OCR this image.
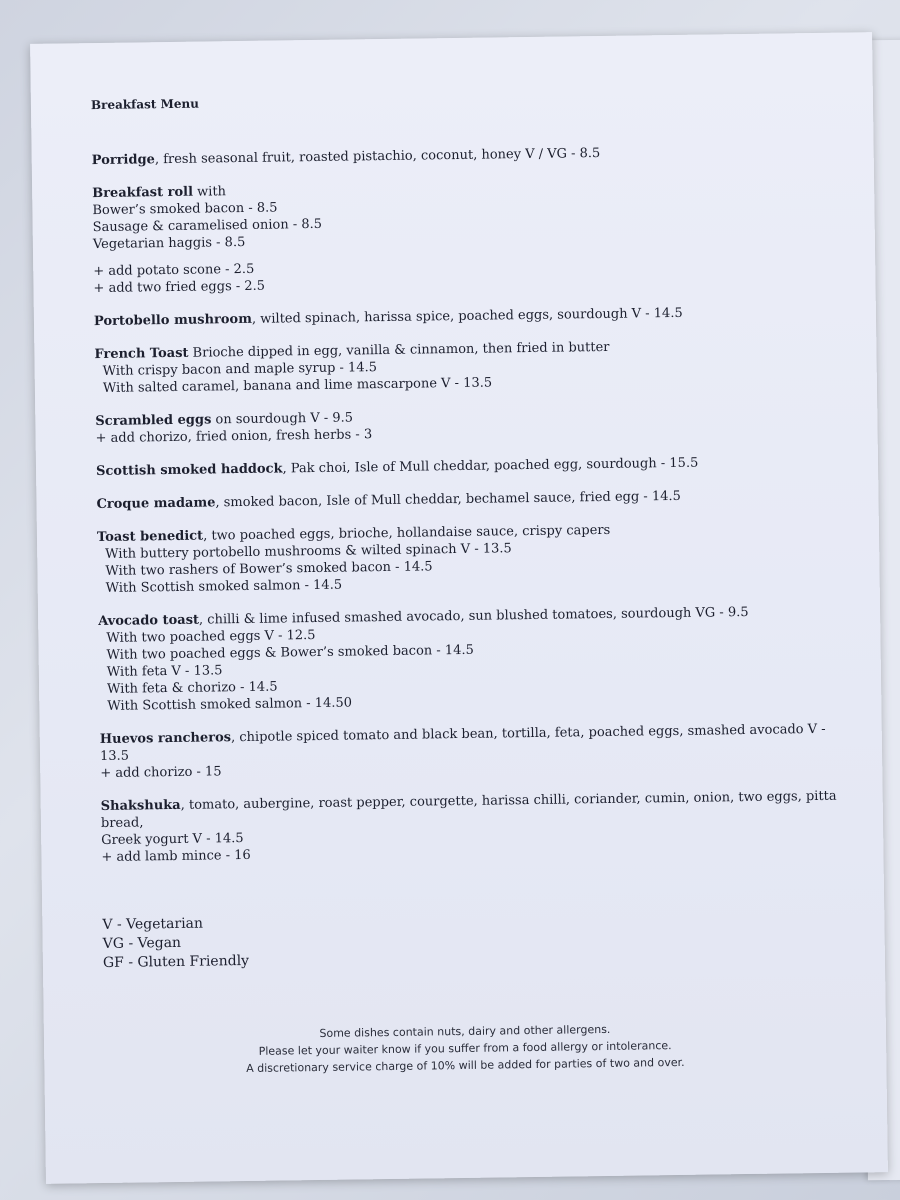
Breakfast Menu
Porridge, fresh seasonal fruit, roasted pistachio, coconut, honey V / VG - 8.5
Breakfast roll with
Bower’s smoked bacon - 8.5
Sausage & caramelised onion - 8.5
Vegetarian haggis - 8.5
+ add potato scone - 2.5
+ add two fried eggs - 2.5
Portobello mushroom, wilted spinach, harissa spice, poached eggs, sourdough V - 14.5
French Toast Brioche dipped in egg, vanilla & cinnamon, then fried in butter
With crispy bacon and maple syrup - 14.5
With salted caramel, banana and lime mascarpone V - 13.5
Scrambled eggs on sourdough V - 9.5
+ add chorizo, fried onion, fresh herbs - 3
Scottish smoked haddock, Pak choi, Isle of Mull cheddar, poached egg, sourdough - 15.5
Croque madame, smoked bacon, Isle of Mull cheddar, bechamel sauce, fried egg - 14.5
Toast benedict, two poached eggs, brioche, hollandaise sauce, crispy capers
With buttery portobello mushrooms & wilted spinach V - 13.5
With two rashers of Bower’s smoked bacon - 14.5
With Scottish smoked salmon - 14.5
Avocado toast, chilli & lime infused smashed avocado, sun blushed tomatoes, sourdough VG - 9.5
With two poached eggs V - 12.5
With two poached eggs & Bower’s smoked bacon - 14.5
With feta V - 13.5
With feta & chorizo - 14.5
With Scottish smoked salmon - 14.50
Huevos rancheros, chipotle spiced tomato and black bean, tortilla, feta, poached eggs, smashed avocado V - 13.5
+ add chorizo - 15
Shakshuka, tomato, aubergine, roast pepper, courgette, harissa chilli, coriander, cumin, onion, two eggs, pitta bread,
Greek yogurt V - 14.5
+ add lamb mince - 16
V - Vegetarian
VG - Vegan
GF - Gluten Friendly
Some dishes contain nuts, dairy and other allergens.
Please let your waiter know if you suffer from a food allergy or intolerance.
A discretionary service charge of 10% will be added for parties of two and over.
